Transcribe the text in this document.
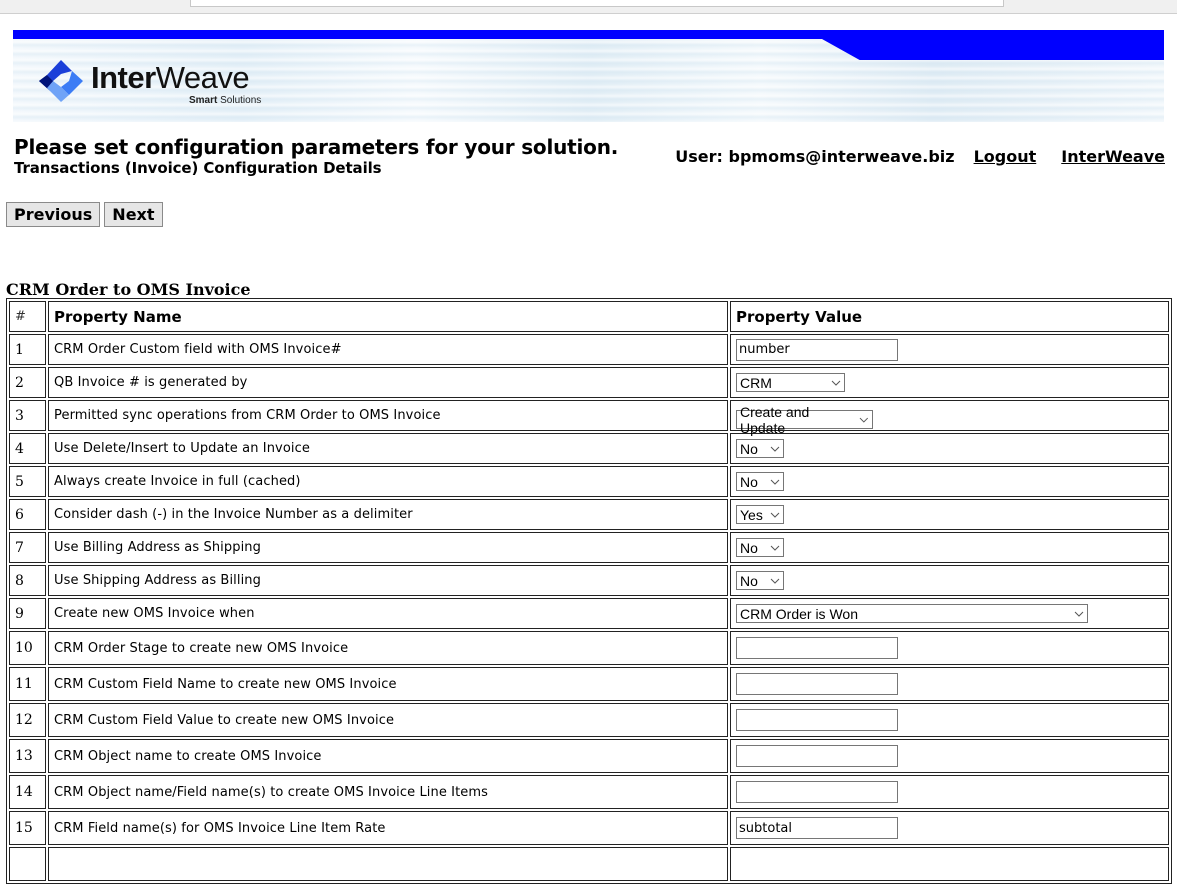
InterWeave
Smart Solutions
Please set configuration parameters for your solution.
Transactions (Invoice) Configuration Details
User: bpmoms@interweave.biz Logout InterWeave
Previous	Next
CRM Order to OMS Invoice
#	Property Name	Property Value
1	CRM Order Custom field with OMS Invoice#	number
2	QB Invoice # is generated by	CRM

3	Permitted sync operations from CRM Order to OMS Invoice	Create and Update

4	Use Delete/Insert to Update an Invoice	No

5	Always create Invoice in full (cached)	No

6	Consider dash (-) in the Invoice Number as a delimiter	Yes

7	Use Billing Address as Shipping	No

8	Use Shipping Address as Billing	No

9	Create new OMS Invoice when	CRM Order is Won

10	CRM Order Stage to create new OMS Invoice	
11	CRM Custom Field Name to create new OMS Invoice	
12	CRM Custom Field Value to create new OMS Invoice	
13	CRM Object name to create OMS Invoice	
14	CRM Object name/Field name(s) to create OMS Invoice Line Items	
15	CRM Field name(s) for OMS Invoice Line Item Rate	subtotal
